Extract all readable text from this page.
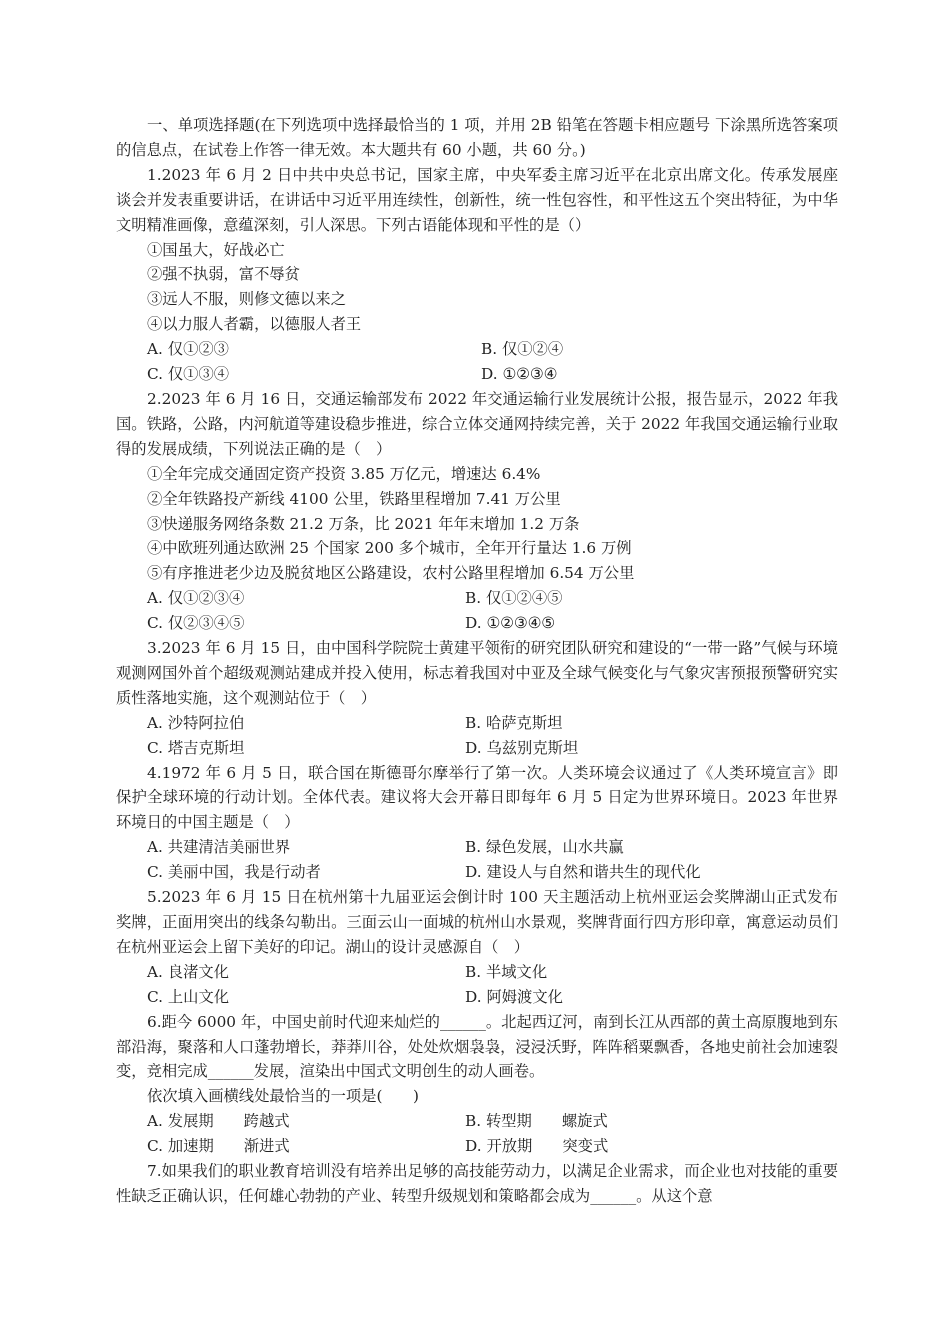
一、单项选择题(在下列选项中选择最恰当的 1 项，并用 2B 铅笔在答题卡相应题号 下涂黑所选答案项的信息点，在试卷上作答一律无效。本大题共有 60 小题，共 60 分。)

1.2023 年 6 月 2 日中共中央总书记，国家主席，中央军委主席习近平在北京出席文化。传承发展座谈会并发表重要讲话，在讲话中习近平用连续性，创新性，统一性包容性，和平性这五个突出特征，为中华文明精准画像，意蕴深刻，引人深思。下列古语能体现和平性的是（）

①国虽大，好战必亡

②强不执弱，富不辱贫

③远人不服，则修文德以来之

④以力服人者霸，以德服人者王

A. 仅①②③	B. 仅①②④
C. 仅①③④	D. ①②③④

2.2023 年 6 月 16 日，交通运输部发布 2022 年交通运输行业发展统计公报，报告显示，2022 年我国。铁路，公路，内河航道等建设稳步推进，综合立体交通网持续完善，关于 2022 年我国交通运输行业取得的发展成绩，下列说法正确的是（　）

①全年完成交通固定资产投资 3.85 万亿元，增速达 6.4%

②全年铁路投产新线 4100 公里，铁路里程增加 7.41 万公里

③快递服务网络条数 21.2 万条，比 2021 年年末增加 1.2 万条

④中欧班列通达欧洲 25 个国家 200 多个城市，全年开行量达 1.6 万例

⑤有序推进老少边及脱贫地区公路建设，农村公路里程增加 6.54 万公里

A. 仅①②③④	B. 仅①②④⑤
C. 仅②③④⑤	D. ①②③④⑤

3.2023 年 6 月 15 日，由中国科学院院士黄建平领衔的研究团队研究和建设的“一带一路”气候与环境观测网国外首个超级观测站建成并投入使用，标志着我国对中亚及全球气候变化与气象灾害预报预警研究实质性落地实施，这个观测站位于（　）

A. 沙特阿拉伯	B. 哈萨克斯坦
C. 塔吉克斯坦	D. 乌兹别克斯坦

4.1972 年 6 月 5 日，联合国在斯德哥尔摩举行了第一次。人类环境会议通过了《人类环境宣言》即保护全球环境的行动计划。全体代表。建议将大会开幕日即每年 6 月 5 日定为世界环境日。2023 年世界环境日的中国主题是（　）

A. 共建清洁美丽世界	B. 绿色发展，山水共赢
C. 美丽中国，我是行动者	D. 建设人与自然和谐共生的现代化

5.2023 年 6 月 15 日在杭州第十九届亚运会倒计时 100 天主题活动上杭州亚运会奖牌湖山正式发布奖牌，正面用突出的线条勾勒出。三面云山一面城的杭州山水景观，奖牌背面行四方形印章，寓意运动员们在杭州亚运会上留下美好的印记。湖山的设计灵感源自（　）

A. 良渚文化	B. 半域文化
C. 上山文化	D. 阿姆渡文化

6.距今 6000 年，中国史前时代迎来灿烂的______。北起西辽河，南到长江从西部的黄土高原腹地到东部沿海，聚落和人口蓬勃增长，莽莽川谷，处处炊烟袅袅，浸浸沃野，阵阵稻粟飘香，各地史前社会加速裂变，竞相完成______发展，渲染出中国式文明创生的动人画卷。

依次填入画横线处最恰当的一项是(　　)

A. 发展期 跨越式	B. 转型期 螺旋式
C. 加速期 渐进式	D. 开放期 突变式

7.如果我们的职业教育培训没有培养出足够的高技能劳动力，以满足企业需求，而企业也对技能的重要性缺乏正确认识，任何雄心勃勃的产业、转型升级规划和策略都会成为______。从这个意
